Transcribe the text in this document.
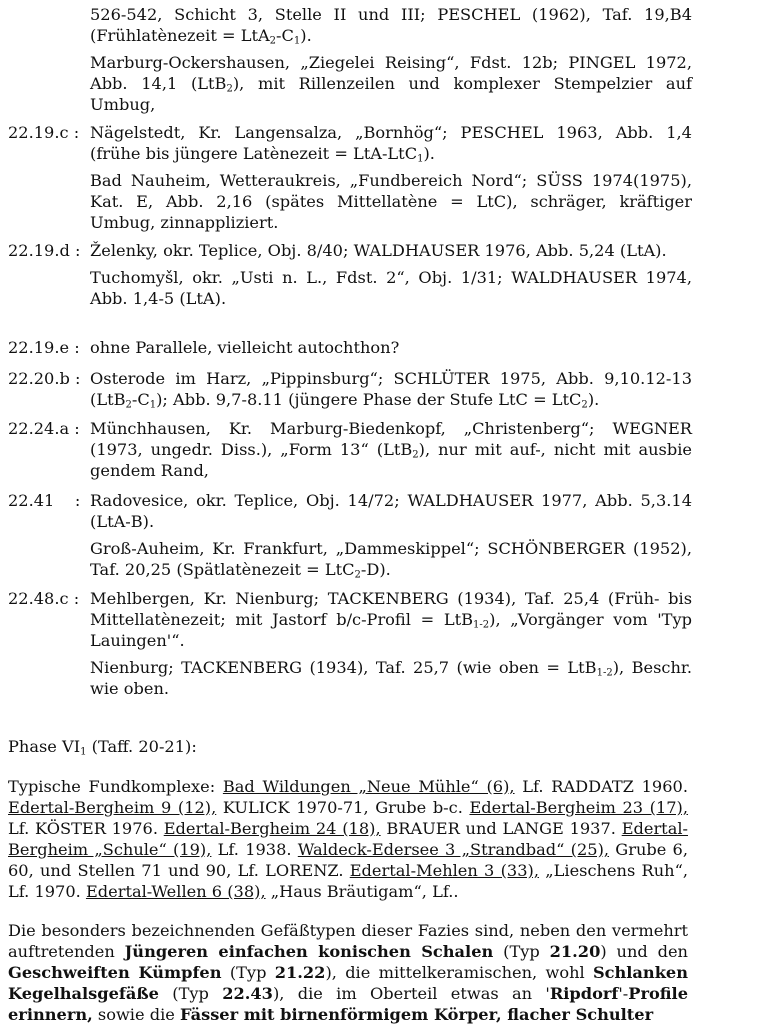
526-542, Schicht 3, Stelle II und III; PESCHEL (1962), Taf. 19,B4 (Frühlatènezeit = $LtA_2-C_1$).

Marburg-Ockershausen, „Ziegelei Reising“, Fdst. 12b; PINGEL 1972, Abb. 14,1 (LtB$_2$), mit Rillenzeilen und komplexer Stempelzier auf Umbug,

22.19.c : Nägelstedt, Kr. Langensalza, „Bornhög“; PESCHEL 1963, Abb. 1,4 (frühe bis jüngere Latènezeit = LtA-LtC$_1$).

Bad Nauheim, Wetteraukreis, „Fundbereich Nord“; SÜSS 1974(1975), Kat. E, Abb. 2,16 (spätes Mittellatène = LtC), schräger, kräftiger Umbug, zinnappliziert.

22.19.d : Želenky, okr. Teplice, Obj. 8/40; WALDHAUSER 1976, Abb. 5,24 (LtA).

Tuchomyšl, okr. „Usti n. L., Fdst. 2“, Obj. 1/31; WALDHAUSER 1974, Abb. 1,4-5 (LtA).

22.19.e : ohne Parallele, vielleicht autochthon?

22.20.b : Osterode im Harz, „Pippinsburg“; SCHLÜTER 1975, Abb. 9,10.12-13 $(LtB_2-C_1)$; Abb. 9,7-8.11 (jüngere Phase der Stufe LtC = LtC$_2$).

22.24.a : Münchhausen, Kr. Marburg-Biedenkopf, „Christenberg“; WEGNER (1973, ungedr. Diss.), „Form 13“ (LtB$_2$), nur mit auf-, nicht mit ausbie gendem Rand,

22.41    : Radovesice, okr. Teplice, Obj. 14/72; WALDHAUSER 1977, Abb. 5,3.14 (LtA-B).

Groß-Auheim, Kr. Frankfurt, „Dammeskippel“; SCHÖNBERGER (1952), Taf. 20,25 (Spätlatènezeit = LtC$_2$-D).

22.48.c : Mehlbergen, Kr. Nienburg; TACKENBERG (1934), Taf. 25,4 (Früh- bis Mittellatènezeit; mit Jastorf b/c-Profil = LtB$_{1-2}$), „Vorgänger vom 'Typ Lauingen'“.

Nienburg; TACKENBERG (1934), Taf. 25,7 (wie oben = LtB$_{1-2}$), Beschr. wie oben.

Phase $VI_1$ (Taff. 20-21):
Typische Fundkomplexe: Bad Wildungen „Neue Mühle“ (6), Lf. RADDATZ 1960. Edertal-Bergheim 9 (12), KULICK 1970-71, Grube b-c. Edertal-Bergheim 23 (17), Lf. KÖSTER 1976. Edertal-Bergheim 24 (18), BRAUER und LANGE 1937. Edertal-Bergheim „Schule“ (19), Lf. 1938. Waldeck-Edersee 3 „Strandbad“ (25), Grube 6, 60, und Stellen 71 und 90, Lf. LORENZ. Edertal-Mehlen 3 (33), „Lieschens Ruh“, Lf. 1970. Edertal-Wellen 6 (38), „Haus Bräutigam“, Lf..
Die besonders bezeichnenden Gefäßtypen dieser Fazies sind, neben den vermehrt auftretenden Jüngeren einfachen konischen Schalen (Typ 21.20) und den Geschweiften Kümpfen (Typ 21.22), die mittelkeramischen, wohl Schlanken Kegelhalsgefäße (Typ 22.43), die im Oberteil etwas an 'Ripdorf'-Profile erinnern, sowie die Fässer mit birnenförmigem Körper, flacher Schulter
